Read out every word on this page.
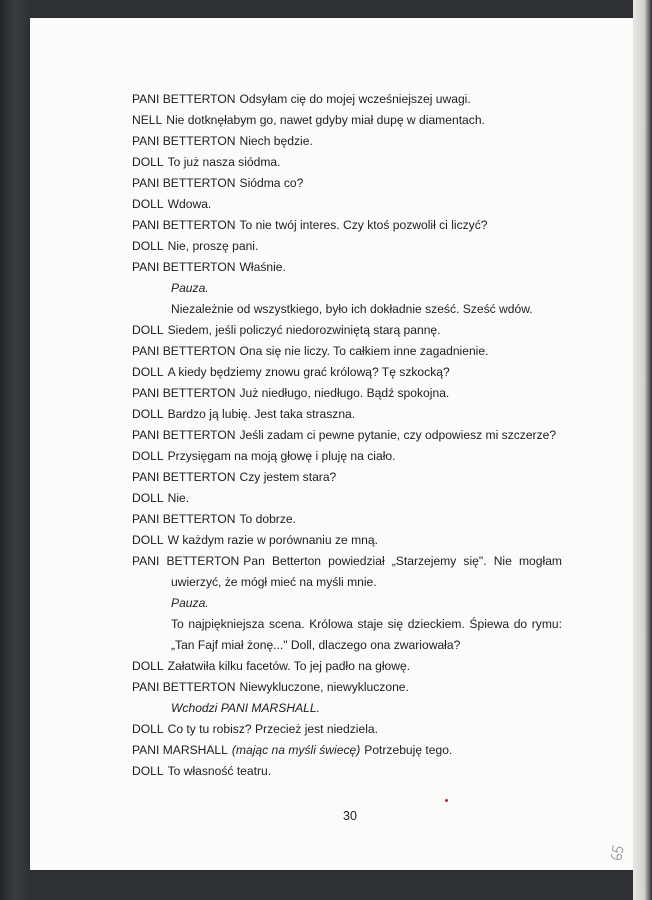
PANI BETTERTON Odsyłam cię do mojej wcześniejszej uwagi.
NELL Nie dotknęłabym go, nawet gdyby miał dupę w diamentach.
PANI BETTERTON Niech będzie.
DOLL To już nasza siódma.
PANI BETTERTON Siódma co?
DOLL Wdowa.
PANI BETTERTON To nie twój interes. Czy ktoś pozwolił ci liczyć?
DOLL Nie, proszę pani.
PANI BETTERTON Właśnie.
Pauza.
Niezależnie od wszystkiego, było ich dokładnie sześć. Sześć wdów.
DOLL Siedem, jeśli policzyć niedorozwiniętą starą pannę.
PANI BETTERTON Ona się nie liczy. To całkiem inne zagadnienie.
DOLL A kiedy będziemy znowu grać królową? Tę szkocką?
PANI BETTERTON Już niedługo, niedługo. Bądź spokojna.
DOLL Bardzo ją lubię. Jest taka straszna.
PANI BETTERTON Jeśli zadam ci pewne pytanie, czy odpowiesz mi szczerze?
DOLL Przysięgam na moją głowę i pluję na ciało.
PANI BETTERTON Czy jestem stara?
DOLL Nie.
PANI BETTERTON To dobrze.
DOLL W każdym razie w porównaniu ze mną.
PANI BETTERTON Pan Betterton powiedział „Starzejemy się". Nie mogłam
uwierzyć, że mógł mieć na myśli mnie.
Pauza.
To najpiękniejsza scena. Królowa staje się dzieckiem. Śpiewa do rymu:
„Tan Fajf miał żonę..." Doll, dlaczego ona zwariowała?
DOLL Załatwiła kilku facetów. To jej padło na głowę.
PANI BETTERTON Niewykluczone, niewykluczone.
Wchodzi PANI MARSHALL.
DOLL Co ty tu robisz? Przecież jest niedziela.
PANI MARSHALL (mając na myśli świecę) Potrzebuję tego.
DOLL To własność teatru.
30
